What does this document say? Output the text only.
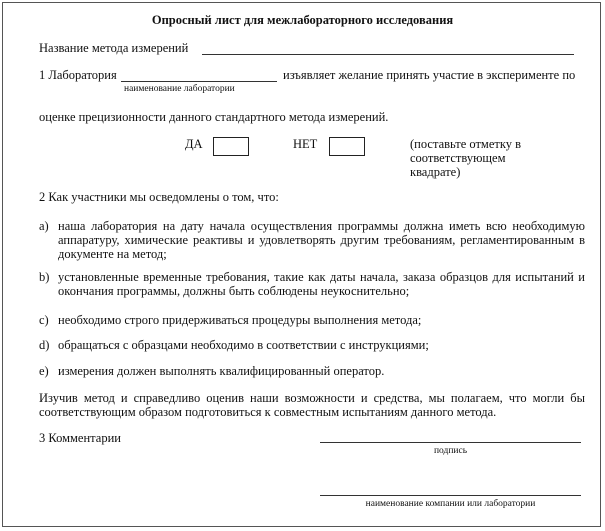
Опросный лист для межлабораторного исследования
Название метода измерений
1 Лаборатория
наименование лаборатории
изъявляет желание принять участие в эксперименте по
оценке прецизионности данного стандартного метода измерений.
ДА	НЕТ	(поставьте отметку в
соответствующем
квадрате)
2 Как участники мы осведомлены о том, что:
а) наша лаборатория на дату начала осуществления программы должна иметь всю необходимую
аппаратуру, химические реактивы и удовлетворять другим требованиям, регламентированным в
документе на метод;
b) установленные временные требования, такие как даты начала, заказа образцов для испытаний и
окончания программы, должны быть соблюдены неукоснительно;
с) необходимо строго придерживаться процедуры выполнения метода;
d) обращаться с образцами необходимо в соответствии с инструкциями;
е) измерения должен выполнять квалифицированный оператор.
Изучив метод и справедливо оценив наши возможности и средства, мы полагаем, что могли бы
соответствующим образом подготовиться к совместным испытаниям данного метода.
3 Комментарии
подпись
наименование компании или лаборатории
